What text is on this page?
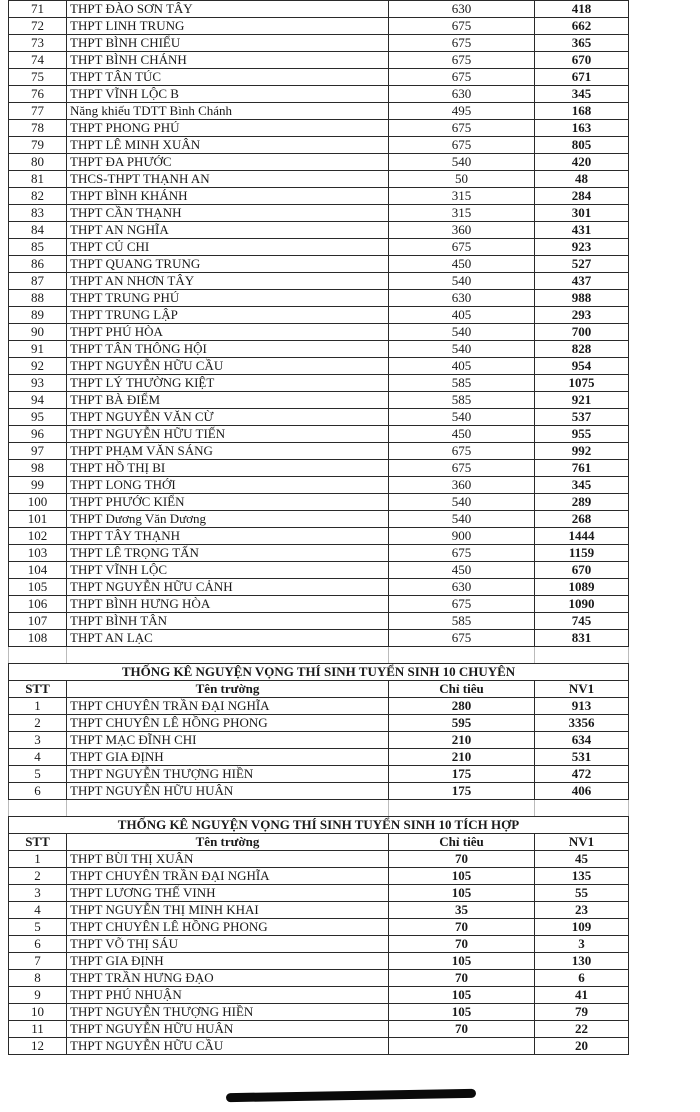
71	THPT ĐÀO SƠN TÂY	630	418
72	THPT LINH TRUNG	675	662
73	THPT BÌNH CHIỂU	675	365
74	THPT BÌNH CHÁNH	675	670
75	THPT TÂN TÚC	675	671
76	THPT VĨNH LỘC B	630	345
77	Năng khiếu TDTT Bình Chánh	495	168
78	THPT PHONG PHÚ	675	163
79	THPT LÊ MINH XUÂN	675	805
80	THPT ĐA PHƯỚC	540	420
81	THCS-THPT THẠNH AN	50	48
82	THPT BÌNH KHÁNH	315	284
83	THPT CẦN THẠNH	315	301
84	THPT AN NGHĨA	360	431
85	THPT CỦ CHI	675	923
86	THPT QUANG TRUNG	450	527
87	THPT AN NHƠN TÂY	540	437
88	THPT TRUNG PHÚ	630	988
89	THPT TRUNG LẬP	405	293
90	THPT PHÚ HÒA	540	700
91	THPT TÂN THÔNG HỘI	540	828
92	THPT NGUYỄN HỮU CẦU	405	954
93	THPT LÝ THƯỜNG KIỆT	585	1075
94	THPT BÀ ĐIỂM	585	921
95	THPT NGUYỄN VĂN CỪ	540	537
96	THPT NGUYỄN HỮU TIẾN	450	955
97	THPT PHẠM VĂN SÁNG	675	992
98	THPT HỒ THỊ BI	675	761
99	THPT LONG THỚI	360	345
100	THPT PHƯỚC KIỂN	540	289
101	THPT Dương Văn Dương	540	268
102	THPT TÂY THẠNH	900	1444
103	THPT LÊ TRỌNG TẤN	675	1159
104	THPT VĨNH LỘC	450	670
105	THPT NGUYỄN HỮU CẢNH	630	1089
106	THPT BÌNH HƯNG HÒA	675	1090
107	THPT BÌNH TÂN	585	745
108	THPT AN LẠC	675	831

THỐNG KÊ NGUYỆN VỌNG THÍ SINH TUYỂN SINH 10 CHUYÊN			
STT	Tên trường	Chỉ tiêu	NV1
1	THPT CHUYÊN TRẦN ĐẠI NGHĨA	280	913
2	THPT CHUYÊN LÊ HỒNG PHONG	595	3356
3	THPT MẠC ĐĨNH CHI	210	634
4	THPT GIA ĐỊNH	210	531
5	THPT NGUYỄN THƯỢNG HIỀN	175	472
6	THPT NGUYỄN HỮU HUÂN	175	406

THỐNG KÊ NGUYỆN VỌNG THÍ SINH TUYỂN SINH 10 TÍCH HỢP			
STT	Tên trường	Chỉ tiêu	NV1
1	THPT BÙI THỊ XUÂN	70	45
2	THPT CHUYÊN TRẦN ĐẠI NGHĨA	105	135
3	THPT LƯƠNG THẾ VINH	105	55
4	THPT NGUYỄN THỊ MINH KHAI	35	23
5	THPT CHUYÊN LÊ HỒNG PHONG	70	109
6	THPT VÕ THỊ SÁU	70	3
7	THPT GIA ĐỊNH	105	130
8	THPT TRẦN HƯNG ĐẠO	70	6
9	THPT PHÚ NHUẬN	105	41
10	THPT NGUYỄN THƯỢNG HIỀN	105	79
11	THPT NGUYỄN HỮU HUÂN	70	22
12	THPT NGUYỄN HỮU CẦU		20
